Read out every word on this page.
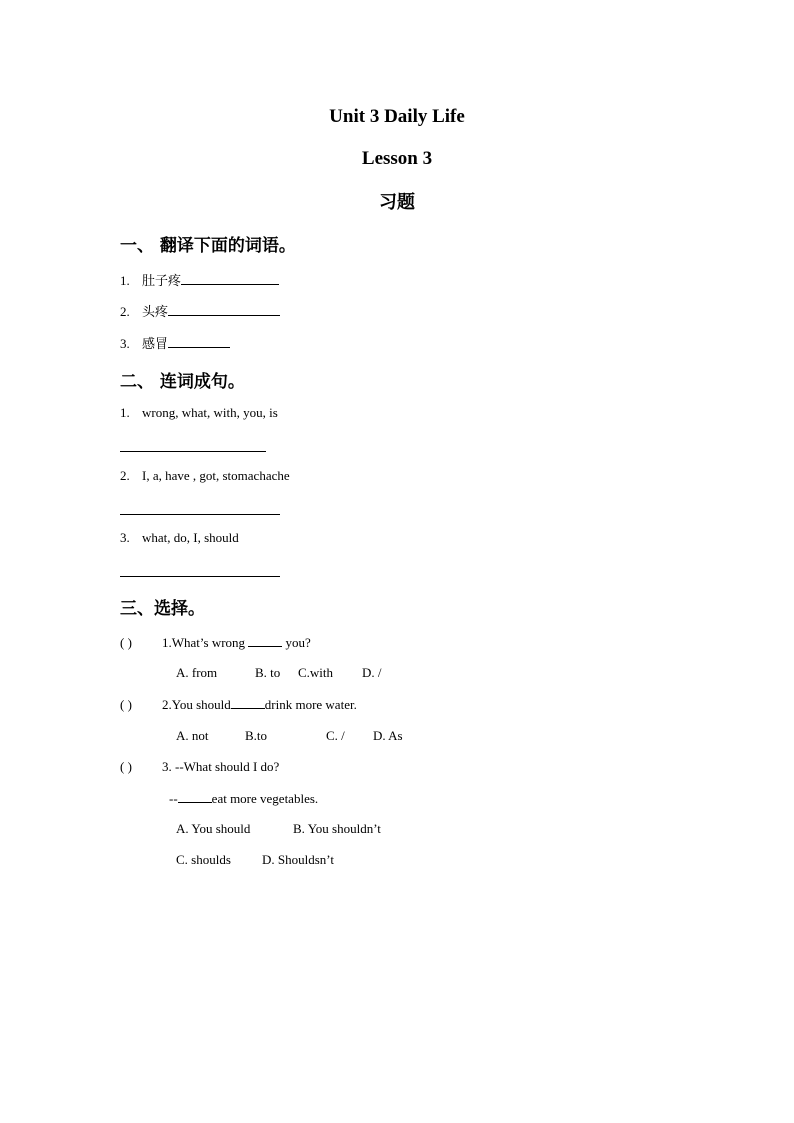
Unit 3 Daily Life
Lesson 3
习题
一、 翻译下面的词语。
1. 肚子疼
2. 头疼
3. 感冒
二、 连词成句。
1. wrong, what, with, you, is
2. I, a, have , got, stomachache
3. what, do, I, should
三、选择。
( ) 1.What’s wrong	you?
A. from	B. to C.with D. /
( ) 2.You should	drink more water.
A. not	B.to	C. / D. As
( ) 3. --What should I do?
--	eat more vegetables.
A. You should	B. You shouldn’t
C. shoulds D. Shouldsn’t
